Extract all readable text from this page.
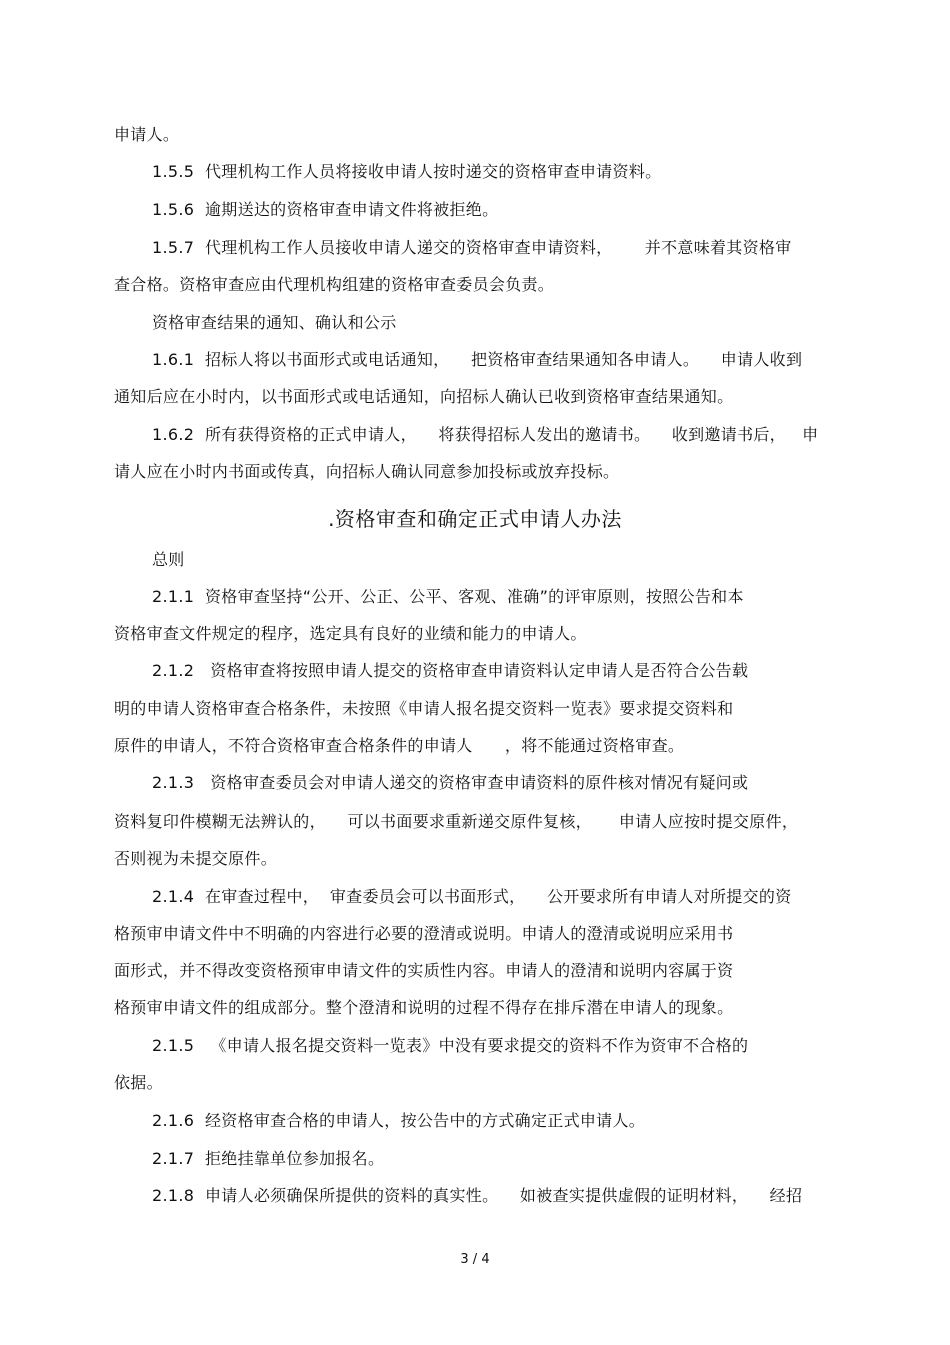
申请人。
1.5.5  代理机构工作人员将接收申请人按时递交的资格审查申请资料。
1.5.6  逾期送达的资格审查申请文件将被拒绝。
1.5.7  代理机构工作人员接收申请人递交的资格审查申请资料，      并不意味着其资格审
查合格。资格审查应由代理机构组建的资格审查委员会负责。
资格审查结果的通知、确认和公示
1.6.1  招标人将以书面形式或电话通知，    把资格审查结果通知各申请人。    申请人收到
通知后应在小时内，以书面形式或电话通知，向招标人确认已收到资格审查结果通知。
1.6.2  所有获得资格的正式申请人，    将获得招标人发出的邀请书。    收到邀请书后，   申
请人应在小时内书面或传真，向招标人确认同意参加投标或放弃投标。
.资格审查和确定正式申请人办法
总则
2.1.1  资格审查坚持“公开、公正、公平、客观、准确”的评审原则，按照公告和本
资格审查文件规定的程序，选定具有良好的业绩和能力的申请人。
2.1.2   资格审查将按照申请人提交的资格审查申请资料认定申请人是否符合公告载
明的申请人资格审查合格条件，未按照《申请人报名提交资料一览表》要求提交资料和
原件的申请人，不符合资格审查合格条件的申请人      ，将不能通过资格审查。
2.1.3   资格审查委员会对申请人递交的资格审查申请资料的原件核对情况有疑问或
资料复印件模糊无法辨认的，    可以书面要求重新递交原件复核，     申请人应按时提交原件，
否则视为未提交原件。
2.1.4  在审查过程中，  审查委员会可以书面形式，    公开要求所有申请人对所提交的资
格预审申请文件中不明确的内容进行必要的澄清或说明。申请人的澄清或说明应采用书
面形式，并不得改变资格预审申请文件的实质性内容。申请人的澄清和说明内容属于资
格预审申请文件的组成部分。整个澄清和说明的过程不得存在排斥潜在申请人的现象。
2.1.5   《申请人报名提交资料一览表》中没有要求提交的资料不作为资审不合格的
依据。
2.1.6  经资格审查合格的申请人，按公告中的方式确定正式申请人。
2.1.7  拒绝挂靠单位参加报名。
2.1.8  申请人必须确保所提供的资料的真实性。    如被查实提供虚假的证明材料，    经招
3 / 4
